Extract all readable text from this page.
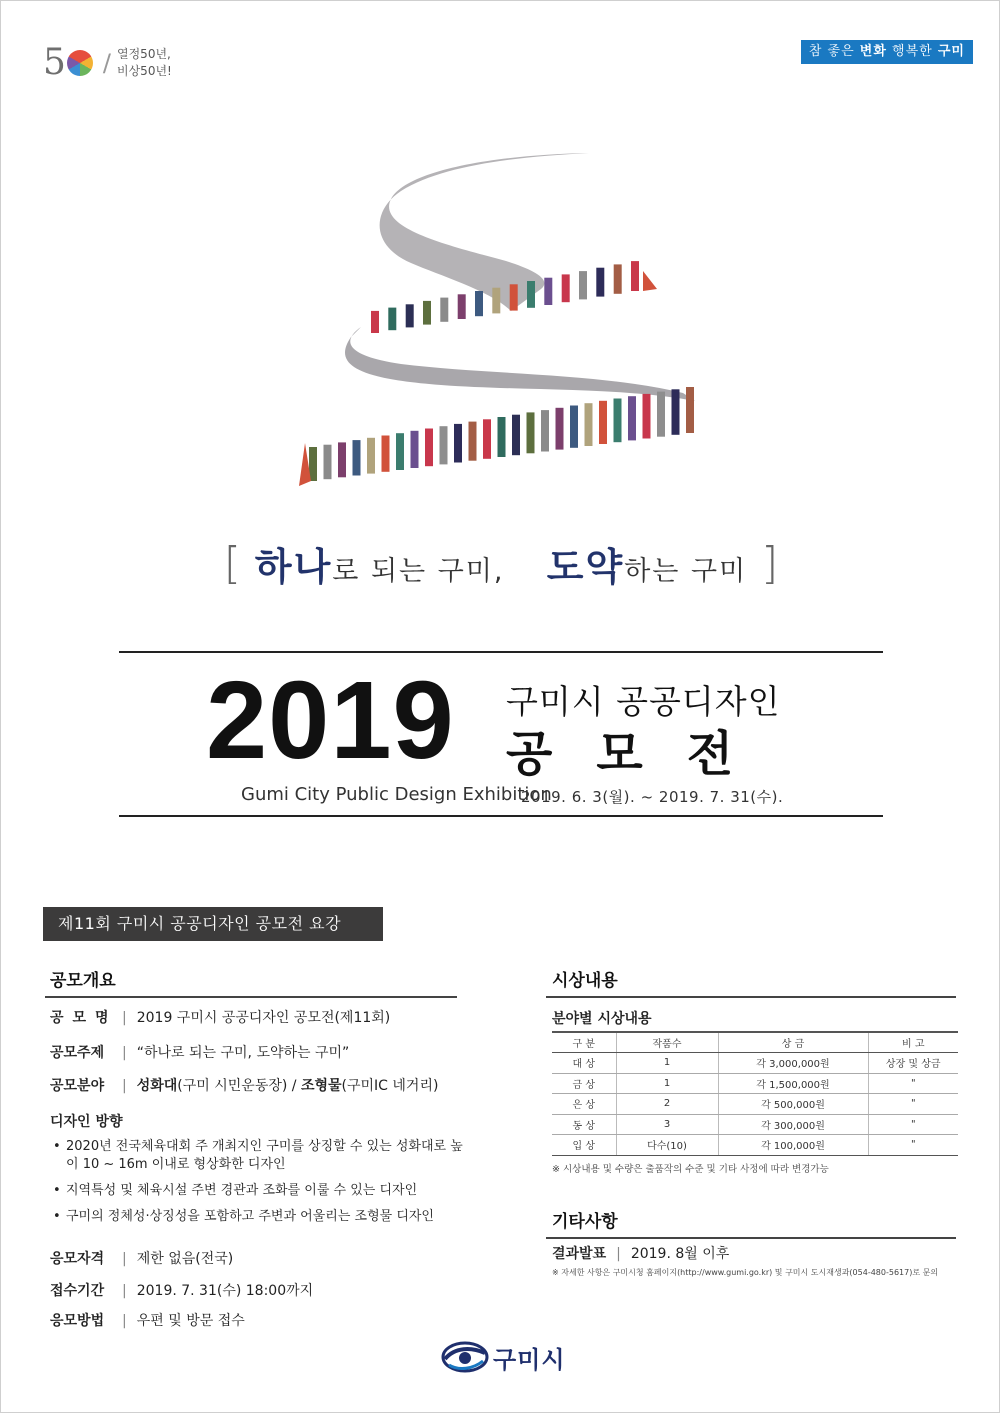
5 / 열정50년,
비상50년!
참 좋은 변화 행복한 구미
[ 하나로 되는 구미, 도약하는 구미 ]
2019 구미시 공공디자인
공모전
Gumi City Public Design Exhibition
2019. 6. 3(월). ~ 2019. 7. 31(수).
제11회 구미시 공공디자인 공모전 요강
공모개요
공모명 | 2019 구미시 공공디자인 공모전(제11회)
공모주제	| “하나로 되는 구미, 도약하는 구미”
공모분야	| 성화대(구미 시민운동장) / 조형물(구미IC 네거리)
디자인 방향
• 2020년 전국체육대회 주 개최지인 구미를 상징할 수 있는 성화대로 높이 10 ~ 16m 이내로 형상화한 디자인
• 지역특성 및 체육시설 주변 경관과 조화를 이룰 수 있는 디자인
• 구미의 정체성·상징성을 포함하고 주변과 어울리는 조형물 디자인
응모자격	| 제한 없음(전국)
접수기간	| 2019. 7. 31(수) 18:00까지
응모방법	| 우편 및 방문 접수
시상내용
분야별 시상내용
구 분	작품수	상 금	비 고
대 상	1	각 3,000,000원	상장 및 상금
금 상	1	각 1,500,000원	"
은 상	2	각 500,000원	"
동 상	3	각 300,000원	"
입 상	다수(10)	각 100,000원	"
※ 시상내용 및 수량은 출품작의 수준 및 기타 사정에 따라 변경가능
기타사항
결과발표 | 2019. 8월 이후
※ 자세한 사항은 구미시청 홈페이지(http://www.gumi.go.kr) 및 구미시 도시재생과(054-480-5617)로 문의
구미시
